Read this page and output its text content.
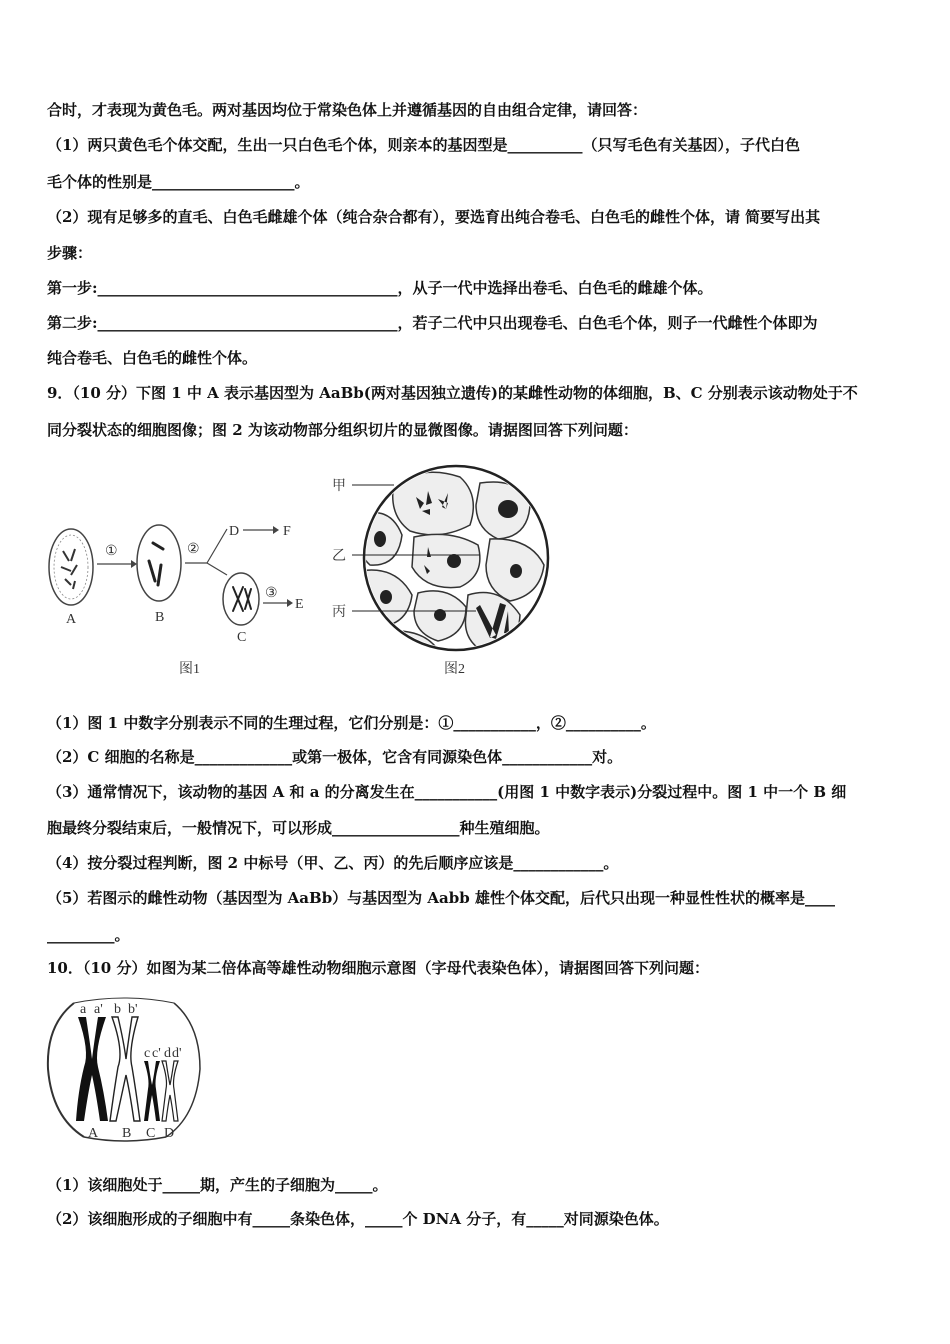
合时，才表现为黄色毛。两对基因均位于常染色体上并遵循基因的自由组合定律，请回答：
（1）两只黄色毛个体交配，生出一只白色毛个体，则亲本的基因型是__________（只写毛色有关基因），子代白色
毛个体的性别是___________________。
（2）现有足够多的直毛、白色毛雌雄个体（纯合杂合都有），要选育出纯合卷毛、白色毛的雌性个体，请 简要写出其
步骤：
第一步:________________________________________，从子一代中选择出卷毛、白色毛的雌雄个体。
第二步:________________________________________，若子二代中只出现卷毛、白色毛个体，则子一代雌性个体即为
纯合卷毛、白色毛的雌性个体。
9．（10 分）下图 1 中 A 表示基因型为 AaBb(两对基因独立遗传)的某雌性动物的体细胞，B、C 分别表示该动物处于不
同分裂状态的细胞图像；图 2 为该动物部分组织切片的显微图像。请据图回答下列问题：
A
①
B
②
D	F
③
E
C
图1
甲
乙
丙
图2
（1）图 1 中数字分别表示不同的生理过程，它们分别是：①___________，②__________。
（2）C 细胞的名称是_____________或第一极体，它含有同源染色体____________对。
（3）通常情况下，该动物的基因 A 和 a 的分离发生在___________(用图 1 中数字表示)分裂过程中。图 1 中一个 B 细
胞最终分裂结束后，一般情况下，可以形成_________________种生殖细胞。
（4）按分裂过程判断，图 2 中标号（甲、乙、丙）的先后顺序应该是____________。
（5）若图示的雌性动物（基因型为 AaBb）与基因型为 Aabb 雄性个体交配，后代只出现一种显性性状的概率是____
_________。
10．（10 分）如图为某二倍体高等雄性动物细胞示意图（字母代表染色体），请据图回答下列问题：
a a' b b'
c c' d d'
A B C D
（1）该细胞处于_____期，产生的子细胞为_____。
（2）该细胞形成的子细胞中有_____条染色体，_____个 DNA 分子，有_____对同源染色体。
